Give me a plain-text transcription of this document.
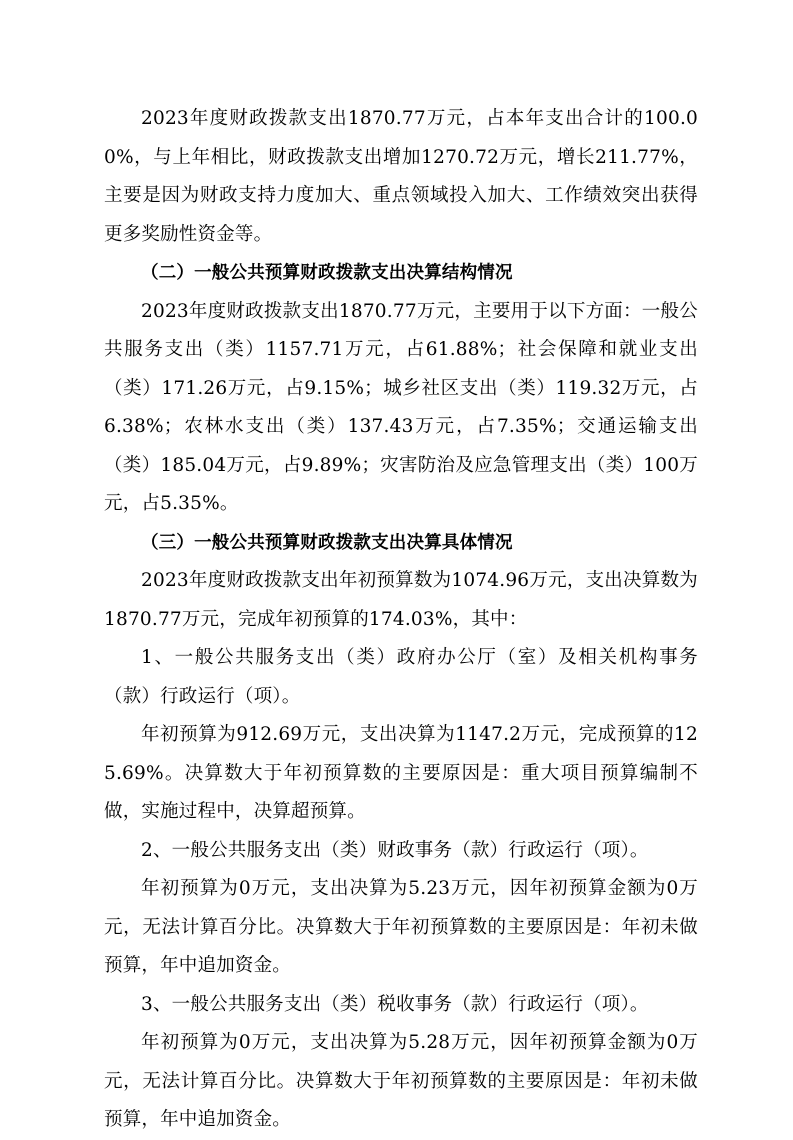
2023年度财政拨款支出1870.77万元，占本年支出合计的100.00%，与上年相比，财政拨款支出增加1270.72万元，增长211.77%，主要是因为财政支持力度加大、重点领域投入加大、工作绩效突出获得更多奖励性资金等。

（二）一般公共预算财政拨款支出决算结构情况

2023年度财政拨款支出1870.77万元，主要用于以下方面：一般公共服务支出（类）1157.71万元，占61.88%；社会保障和就业支出（类）171.26万元，占9.15%；城乡社区支出（类）119.32万元，占6.38%；农林水支出（类）137.43万元，占7.35%；交通运输支出（类）185.04万元，占9.89%；灾害防治及应急管理支出（类）100万元，占5.35%。

（三）一般公共预算财政拨款支出决算具体情况

2023年度财政拨款支出年初预算数为1074.96万元，支出决算数为1870.77万元，完成年初预算的174.03%，其中：

1、一般公共服务支出（类）政府办公厅（室）及相关机构事务（款）行政运行（项）。

年初预算为912.69万元，支出决算为1147.2万元，完成预算的125.69%。决算数大于年初预算数的主要原因是：重大项目预算编制不做，实施过程中，决算超预算。

2、一般公共服务支出（类）财政事务（款）行政运行（项）。

年初预算为0万元，支出决算为5.23万元，因年初预算金额为0万元，无法计算百分比。决算数大于年初预算数的主要原因是：年初未做预算，年中追加资金。

3、一般公共服务支出（类）税收事务（款）行政运行（项）。

年初预算为0万元，支出决算为5.28万元，因年初预算金额为0万元，无法计算百分比。决算数大于年初预算数的主要原因是：年初未做预算，年中追加资金。
